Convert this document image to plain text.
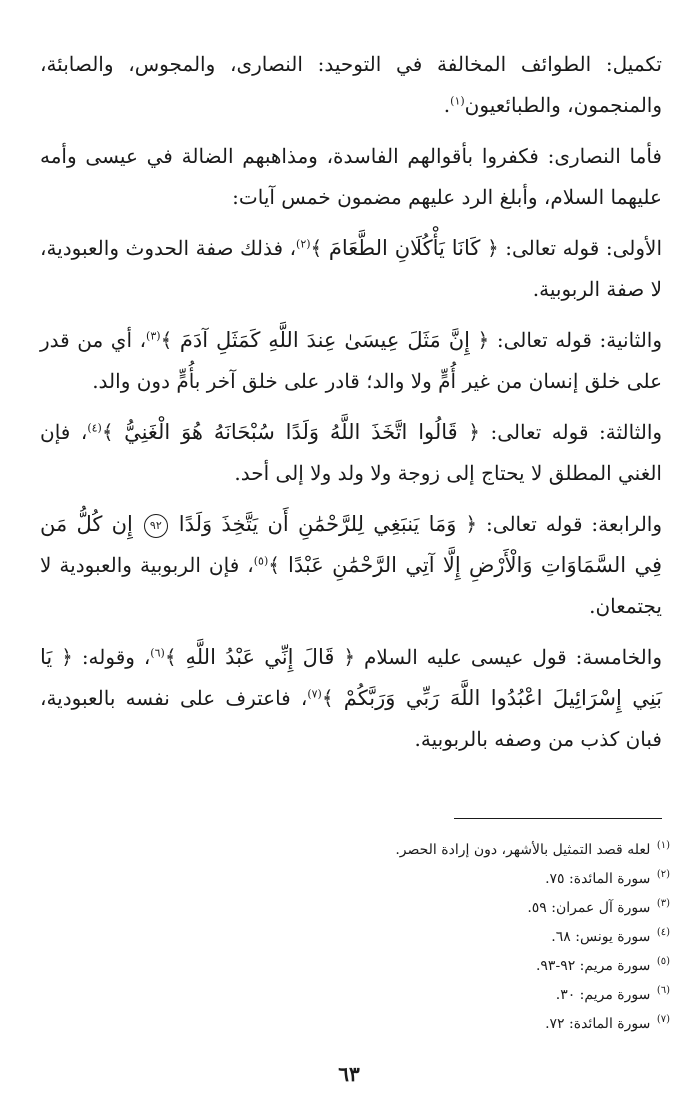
تكميل: الطوائف المخالفة في التوحيد: النصارى، والمجوس، والصابئة، والمنجمون، والطبائعيون$^{(١)}$.

فأما النصارى: فكفروا بأقوالهم الفاسدة، ومذاهبهم الضالة في عيسى وأمه عليهما السلام، وأبلغ الرد عليهم مضمون خمس آيات:

الأولى: قوله تعالى: ﴿ كَانَا يَأْكُلَانِ الطَّعَامَ ﴾$^{(٢)}$، فذلك صفة الحدوث والعبودية، لا صفة الربوبية.

والثانية: قوله تعالى: ﴿ إِنَّ مَثَلَ عِيسَىٰ عِندَ اللَّهِ كَمَثَلِ آدَمَ ﴾$^{(٣)}$، أي من قدر على خلق إنسان من غير أُمٍّ ولا والد؛ قادر على خلق آخر بأُمٍّ دون والد.

والثالثة: قوله تعالى: ﴿ قَالُوا اتَّخَذَ اللَّهُ وَلَدًا سُبْحَانَهُ هُوَ الْغَنِيُّ ﴾$^{(٤)}$، فإن الغني المطلق لا يحتاج إلى زوجة ولا ولد ولا إلى أحد.

والرابعة: قوله تعالى: ﴿ وَمَا يَنبَغِي لِلرَّحْمَٰنِ أَن يَتَّخِذَ وَلَدًا ٩٢ إِن كُلُّ مَن فِي السَّمَاوَاتِ وَالْأَرْضِ إِلَّا آتِي الرَّحْمَٰنِ عَبْدًا ﴾$^{(٥)}$، فإن الربوبية والعبودية لا يجتمعان.

والخامسة: قول عيسى عليه السلام ﴿ قَالَ إِنِّي عَبْدُ اللَّهِ ﴾$^{(٦)}$، وقوله: ﴿ يَا بَنِي إِسْرَائِيلَ اعْبُدُوا اللَّهَ رَبِّي وَرَبَّكُمْ ﴾$^{(٧)}$، فاعترف على نفسه بالعبودية، فبان كذب من وصفه بالربوبية.

$^{(١)}$ لعله قصد التمثيل بالأشهر، دون إرادة الحصر.
$^{(٢)}$ سورة المائدة: ٧٥.
$^{(٣)}$ سورة آل عمران: ٥٩.
$^{(٤)}$ سورة يونس: ٦٨.
$^{(٥)}$ سورة مريم: ٩٢-٩٣.
$^{(٦)}$ سورة مريم: ٣٠.
$^{(٧)}$ سورة المائدة: ٧٢.
٦٣
